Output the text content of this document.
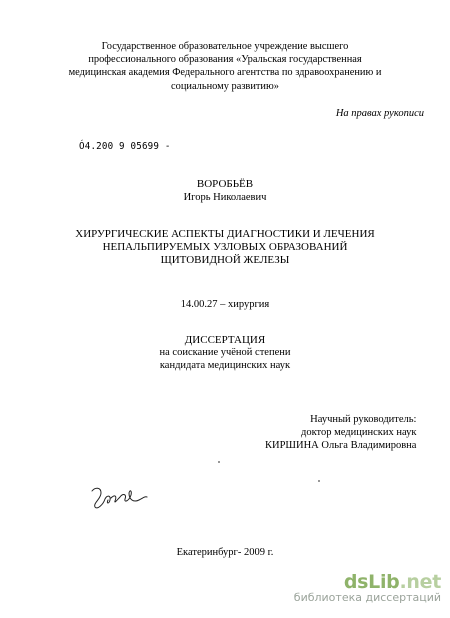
Государственное образовательное учреждение высшего
профессионального образования «Уральская государственная
медицинская академия Федерального агентства по здравоохранению и
социальному развитию»
На правах рукописи
Ó4.200 9 05699 -
ВОРОБЬЁВ
Игорь Николаевич
ХИРУРГИЧЕСКИЕ АСПЕКТЫ ДИАГНОСТИКИ И ЛЕЧЕНИЯ
НЕПАЛЬПИРУЕМЫХ УЗЛОВЫХ ОБРАЗОВАНИЙ
ЩИТОВИДНОЙ ЖЕЛЕЗЫ
14.00.27 – хирургия
ДИССЕРТАЦИЯ
на соискание учёной степени
кандидата медицинских наук
Научный руководитель:
доктор медицинских наук
КИРШИНА Ольга Владимировна
Екатеринбург- 2009 г.
dsLib.net
библиотека диссертаций
